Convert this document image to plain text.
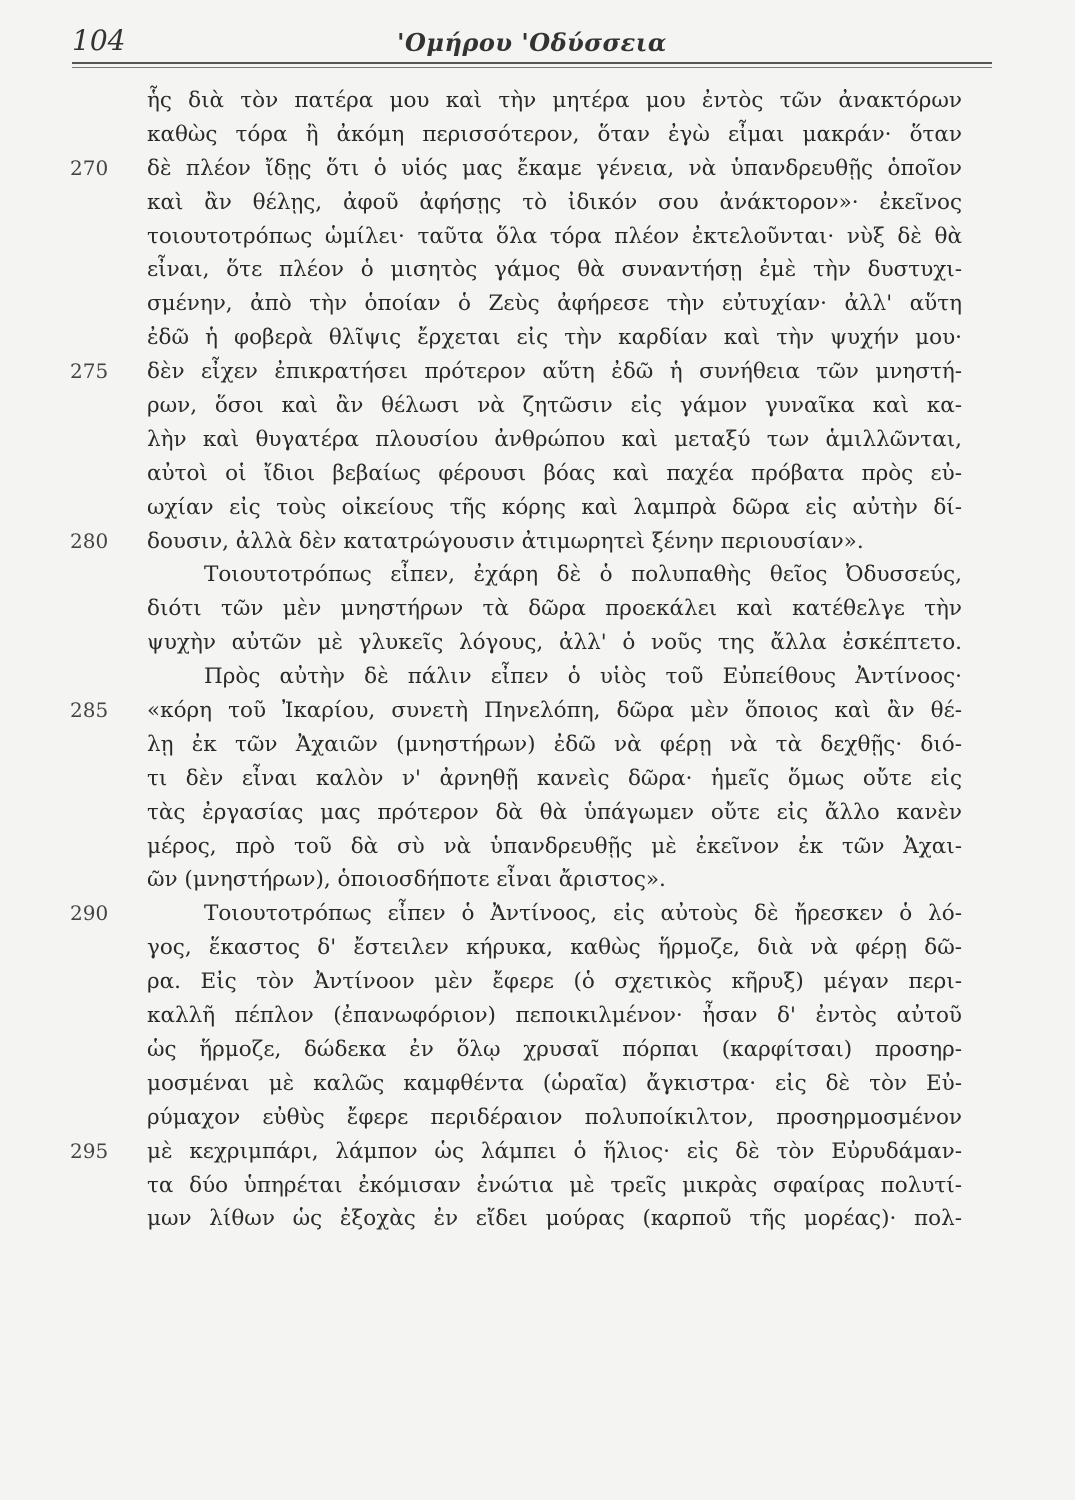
104	'Ομήρου 'Οδύσσεια
ἧς διὰ τὸν πατέρα μου καὶ τὴν μητέρα μου ἐντὸς τῶν ἀνακτόρων
καθὼς τόρα ἢ ἀκόμη περισσότερον, ὅταν ἐγὼ εἶμαι μακράν· ὅταν
270	δὲ πλέον ἴδῃς ὅτι ὁ υἱός μας ἔκαμε γένεια, νὰ ὑπανδρευθῇς ὁποῖον
καὶ ἂν θέλῃς, ἀφοῦ ἀφήσῃς τὸ ἰδικόν σου ἀνάκτορον»· ἐκεῖνος
τοιουτοτρόπως ὡμίλει· ταῦτα ὅλα τόρα πλέον ἐκτελοῦνται· νὺξ δὲ θὰ
εἶναι, ὅτε πλέον ὁ μισητὸς γάμος θὰ συναντήσῃ ἐμὲ τὴν δυστυχι-
σμένην, ἀπὸ τὴν ὁποίαν ὁ Ζεὺς ἀφήρεσε τὴν εὐτυχίαν· ἀλλ' αὕτη
ἐδῶ ἡ φοβερὰ θλῖψις ἔρχεται εἰς τὴν καρδίαν καὶ τὴν ψυχήν μου·
275	δὲν εἶχεν ἐπικρατήσει πρότερον αὕτη ἐδῶ ἡ συνήθεια τῶν μνηστή-
ρων, ὅσοι καὶ ἂν θέλωσι νὰ ζητῶσιν εἰς γάμον γυναῖκα καὶ κα-
λὴν καὶ θυγατέρα πλουσίου ἀνθρώπου καὶ μεταξύ των ἁμιλλῶνται,
αὐτοὶ οἱ ἴδιοι βεβαίως φέρουσι βόας καὶ παχέα πρόβατα πρὸς εὐ-
ωχίαν εἰς τοὺς οἰκείους τῆς κόρης καὶ λαμπρὰ δῶρα εἰς αὐτὴν δί-
280	δουσιν, ἀλλὰ δὲν κατατρώγουσιν ἀτιμωρητεὶ ξένην περιουσίαν».
Τοιουτοτρόπως εἶπεν, ἐχάρη δὲ ὁ πολυπαθὴς θεῖος Ὀδυσσεύς,
διότι τῶν μὲν μνηστήρων τὰ δῶρα προεκάλει καὶ κατέθελγε τὴν
ψυχὴν αὐτῶν μὲ γλυκεῖς λόγους, ἀλλ' ὁ νοῦς της ἄλλα ἐσκέπτετο.
Πρὸς αὐτὴν δὲ πάλιν εἶπεν ὁ υἱὸς τοῦ Εὐπείθους Ἀντίνοος·
285	«κόρη τοῦ Ἰκαρίου, συνετὴ Πηνελόπη, δῶρα μὲν ὅποιος καὶ ἂν θέ-
λῃ ἐκ τῶν Ἀχαιῶν (μνηστήρων) ἐδῶ νὰ φέρῃ νὰ τὰ δεχθῇς· διό-
τι δὲν εἶναι καλὸν ν' ἀρνηθῇ κανεὶς δῶρα· ἡμεῖς ὅμως οὔτε εἰς
τὰς ἐργασίας μας πρότερον δὰ θὰ ὑπάγωμεν οὔτε εἰς ἄλλο κανὲν
μέρος, πρὸ τοῦ δὰ σὺ νὰ ὑπανδρευθῇς μὲ ἐκεῖνον ἐκ τῶν Ἀχαι-
ῶν (μνηστήρων), ὁποιοσδήποτε εἶναι ἄριστος».
290	Τοιουτοτρόπως εἶπεν ὁ Ἀντίνοος, εἰς αὐτοὺς δὲ ἤρεσκεν ὁ λό-
γος, ἕκαστος δ' ἔστειλεν κήρυκα, καθὼς ἥρμοζε, διὰ νὰ φέρῃ δῶ-
ρα. Εἰς τὸν Ἀντίνοον μὲν ἔφερε (ὁ σχετικὸς κῆρυξ) μέγαν περι-
καλλῆ πέπλον (ἐπανωφόριον) πεποικιλμένον· ἦσαν δ' ἐντὸς αὐτοῦ
ὡς ἥρμοζε, δώδεκα ἐν ὅλῳ χρυσαῖ πόρπαι (καρφίτσαι) προσηρ-
μοσμέναι μὲ καλῶς καμφθέντα (ὡραῖα) ἄγκιστρα· εἰς δὲ τὸν Εὐ-
ρύμαχον εὐθὺς ἔφερε περιδέραιον πολυποίκιλτον, προσηρμοσμένον
295	μὲ κεχριμπάρι, λάμπον ὡς λάμπει ὁ ἥλιος· εἰς δὲ τὸν Εὐρυδάμαν-
τα δύο ὑπηρέται ἐκόμισαν ἐνώτια μὲ τρεῖς μικρὰς σφαίρας πολυτί-
μων λίθων ὡς ἐξοχὰς ἐν εἴδει μούρας (καρποῦ τῆς μορέας)· πολ-
